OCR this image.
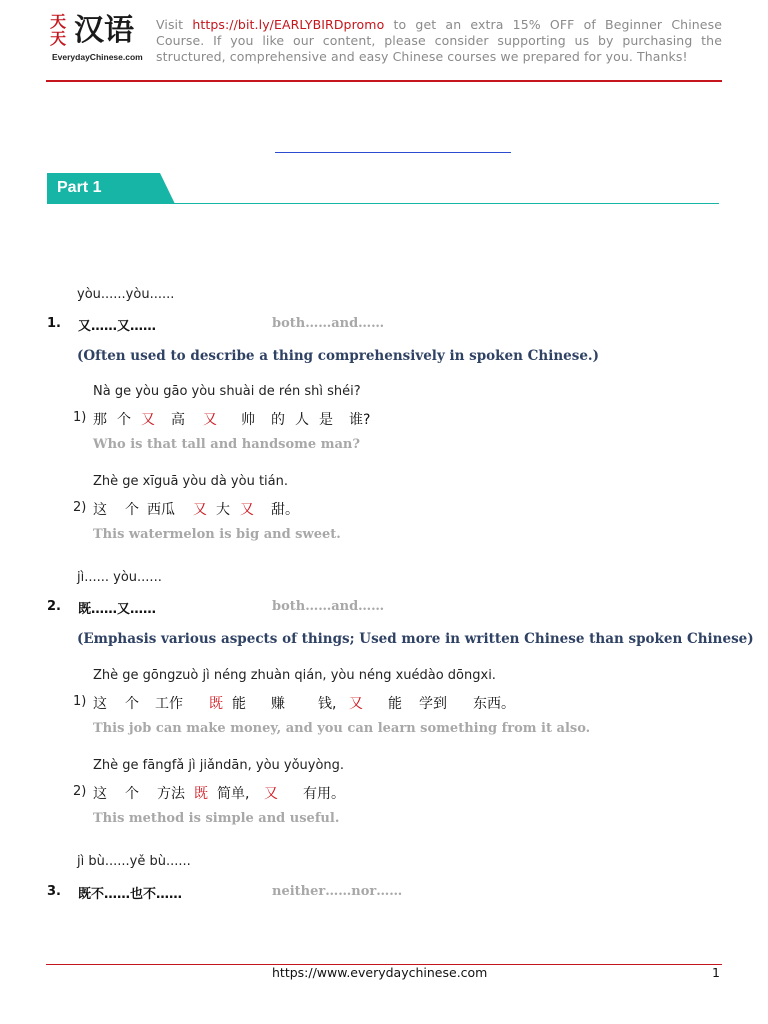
天
天 汉语
EverydayChinese.com
Visit https://bit.ly/EARLYBIRDpromo to get an extra 15% OFF of Beginner Chinese Course. If you like our content, please consider supporting us by purchasing the structured, comprehensive and easy Chinese courses we prepared for you. Thanks!
Part 1
yòu......yòu......
1. 又……又……	both……and……
(Often used to describe a thing comprehensively in spoken Chinese.)
Nà ge yòu gāo yòu shuài de rén shì shéi?
1) 那 个 又 高 又 帅 的 人 是 谁?
Who is that tall and handsome man?
Zhè ge xīguā yòu dà yòu tián.
2) 这 个 西瓜 又 大 又 甜。
This watermelon is big and sweet.
jì...... yòu......
2. 既……又……	both……and……
(Emphasis various aspects of things; Used more in written Chinese than spoken Chinese)
Zhè ge gōngzuò jì néng zhuàn qián, yòu néng xuédào dōngxi.
1) 这 个 工作 既 能 赚 钱, 又 能 学到 东西。
This job can make money, and you can learn something from it also.
Zhè ge fāngfǎ jì jiǎndān, yòu yǒuyòng.
2) 这 个 方法 既 简单, 又 有用。
This method is simple and useful.
jì bù......yě bù......
3. 既不……也不……	neither……nor……
https://www.everydaychinese.com	1
